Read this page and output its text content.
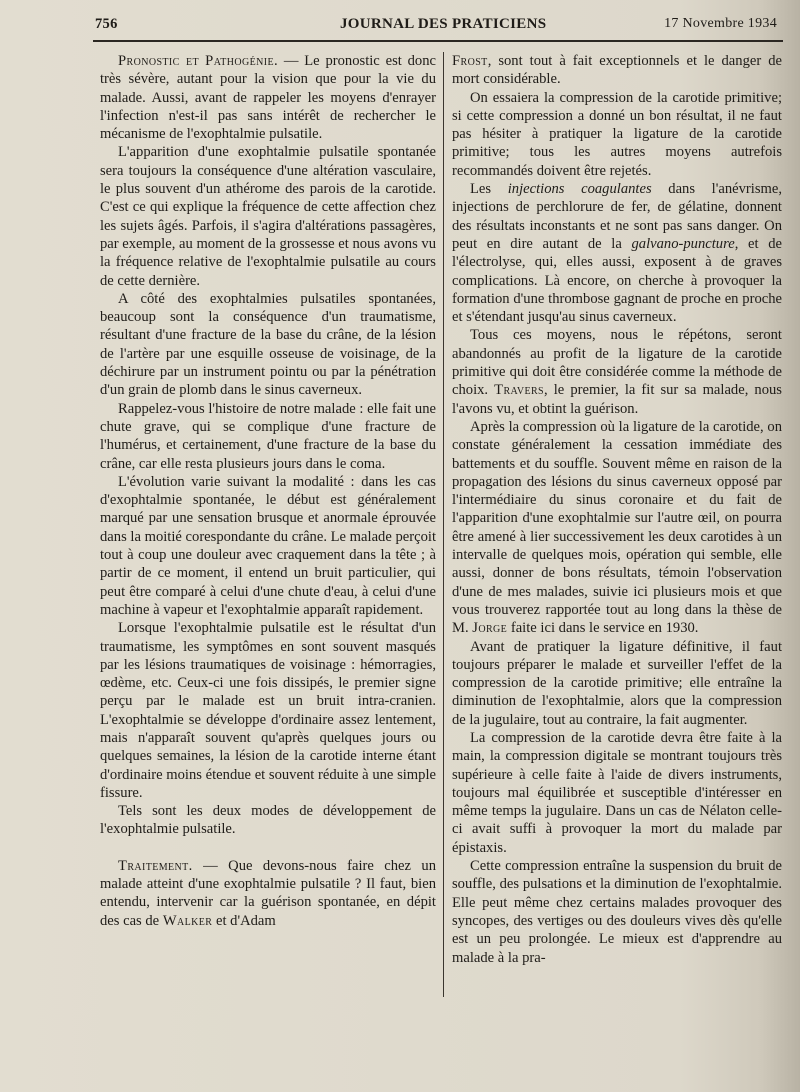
756	JOURNAL DES PRATICIENS	17 Novembre 1934

Pronostic et Pathogénie. — Le pronostic est donc très sévère, autant pour la vision que pour la vie du malade. Aussi, avant de rappeler les moyens d'enrayer l'infection n'est-il pas sans intérêt de rechercher le mécanisme de l'exophtalmie pulsatile.

L'apparition d'une exophtalmie pulsatile spontanée sera toujours la conséquence d'une altération vasculaire, le plus souvent d'un athérome des parois de la carotide. C'est ce qui explique la fréquence de cette affection chez les sujets âgés. Parfois, il s'agira d'altérations passagères, par exemple, au moment de la grossesse et nous avons vu la fréquence relative de l'exophtalmie pulsatile au cours de cette dernière.

A côté des exophtalmies pulsatiles spontanées, beaucoup sont la conséquence d'un traumatisme, résultant d'une fracture de la base du crâne, de la lésion de l'artère par une esquille osseuse de voisinage, de la déchirure par un instrument pointu ou par la pénétration d'un grain de plomb dans le sinus caverneux.

Rappelez-vous l'histoire de notre malade : elle fait une chute grave, qui se complique d'une fracture de l'humérus, et certainement, d'une fracture de la base du crâne, car elle resta plusieurs jours dans le coma.

L'évolution varie suivant la modalité : dans les cas d'exophtalmie spontanée, le début est généralement marqué par une sensation brusque et anormale éprouvée dans la moitié corespondante du crâne. Le malade perçoit tout à coup une douleur avec craquement dans la tête ; à partir de ce moment, il entend un bruit particulier, qui peut être comparé à celui d'une chute d'eau, à celui d'une machine à vapeur et l'exophtalmie apparaît rapidement.

Lorsque l'exophtalmie pulsatile est le résultat d'un traumatisme, les symptômes en sont souvent masqués par les lésions traumatiques de voisinage : hémorragies, œdème, etc. Ceux-ci une fois dissipés, le premier signe perçu par le malade est un bruit intra-cranien. L'exophtalmie se développe d'ordinaire assez lentement, mais n'apparaît souvent qu'après quelques jours ou quelques semaines, la lésion de la carotide interne étant d'ordinaire moins étendue et souvent réduite à une simple fissure.

Tels sont les deux modes de développement de l'exophtalmie pulsatile.

Traitement. — Que devons-nous faire chez un malade atteint d'une exophtalmie pulsatile ? Il faut, bien entendu, intervenir car la guérison spontanée, en dépit des cas de Walker et d'Adam

Frost, sont tout à fait exceptionnels et le danger de mort considérable.

On essaiera la compression de la carotide primitive; si cette compression a donné un bon résultat, il ne faut pas hésiter à pratiquer la ligature de la carotide primitive; tous les autres moyens autrefois recommandés doivent être rejetés.

Les injections coagulantes dans l'anévrisme, injections de perchlorure de fer, de gélatine, donnent des résultats inconstants et ne sont pas sans danger. On peut en dire autant de la galvano-puncture, et de l'électrolyse, qui, elles aussi, exposent à de graves complications. Là encore, on cherche à provoquer la formation d'une thrombose gagnant de proche en proche et s'étendant jusqu'au sinus caverneux.

Tous ces moyens, nous le répétons, seront abandonnés au profit de la ligature de la carotide primitive qui doit être considérée comme la méthode de choix. Travers, le premier, la fit sur sa malade, nous l'avons vu, et obtint la guérison.

Après la compression où la ligature de la carotide, on constate généralement la cessation immédiate des battements et du souffle. Souvent même en raison de la propagation des lésions du sinus caverneux opposé par l'intermédiaire du sinus coronaire et du fait de l'apparition d'une exophtalmie sur l'autre œil, on pourra être amené à lier successivement les deux carotides à un intervalle de quelques mois, opération qui semble, elle aussi, donner de bons résultats, témoin l'observation d'une de mes malades, suivie ici plusieurs mois et que vous trouverez rapportée tout au long dans la thèse de M. Jorge faite ici dans le service en 1930.

Avant de pratiquer la ligature définitive, il faut toujours préparer le malade et surveiller l'effet de la compression de la carotide primitive; elle entraîne la diminution de l'exophtalmie, alors que la compression de la jugulaire, tout au contraire, la fait augmenter.

La compression de la carotide devra être faite à la main, la compression digitale se montrant toujours très supérieure à celle faite à l'aide de divers instruments, toujours mal équilibrée et susceptible d'intéresser en même temps la jugulaire. Dans un cas de Nélaton celle-ci avait suffi à provoquer la mort du malade par épistaxis.

Cette compression entraîne la suspension du bruit de souffle, des pulsations et la diminution de l'exophtalmie. Elle peut même chez certains malades provoquer des syncopes, des vertiges ou des douleurs vives dès qu'elle est un peu prolongée. Le mieux est d'apprendre au malade à la pra-
